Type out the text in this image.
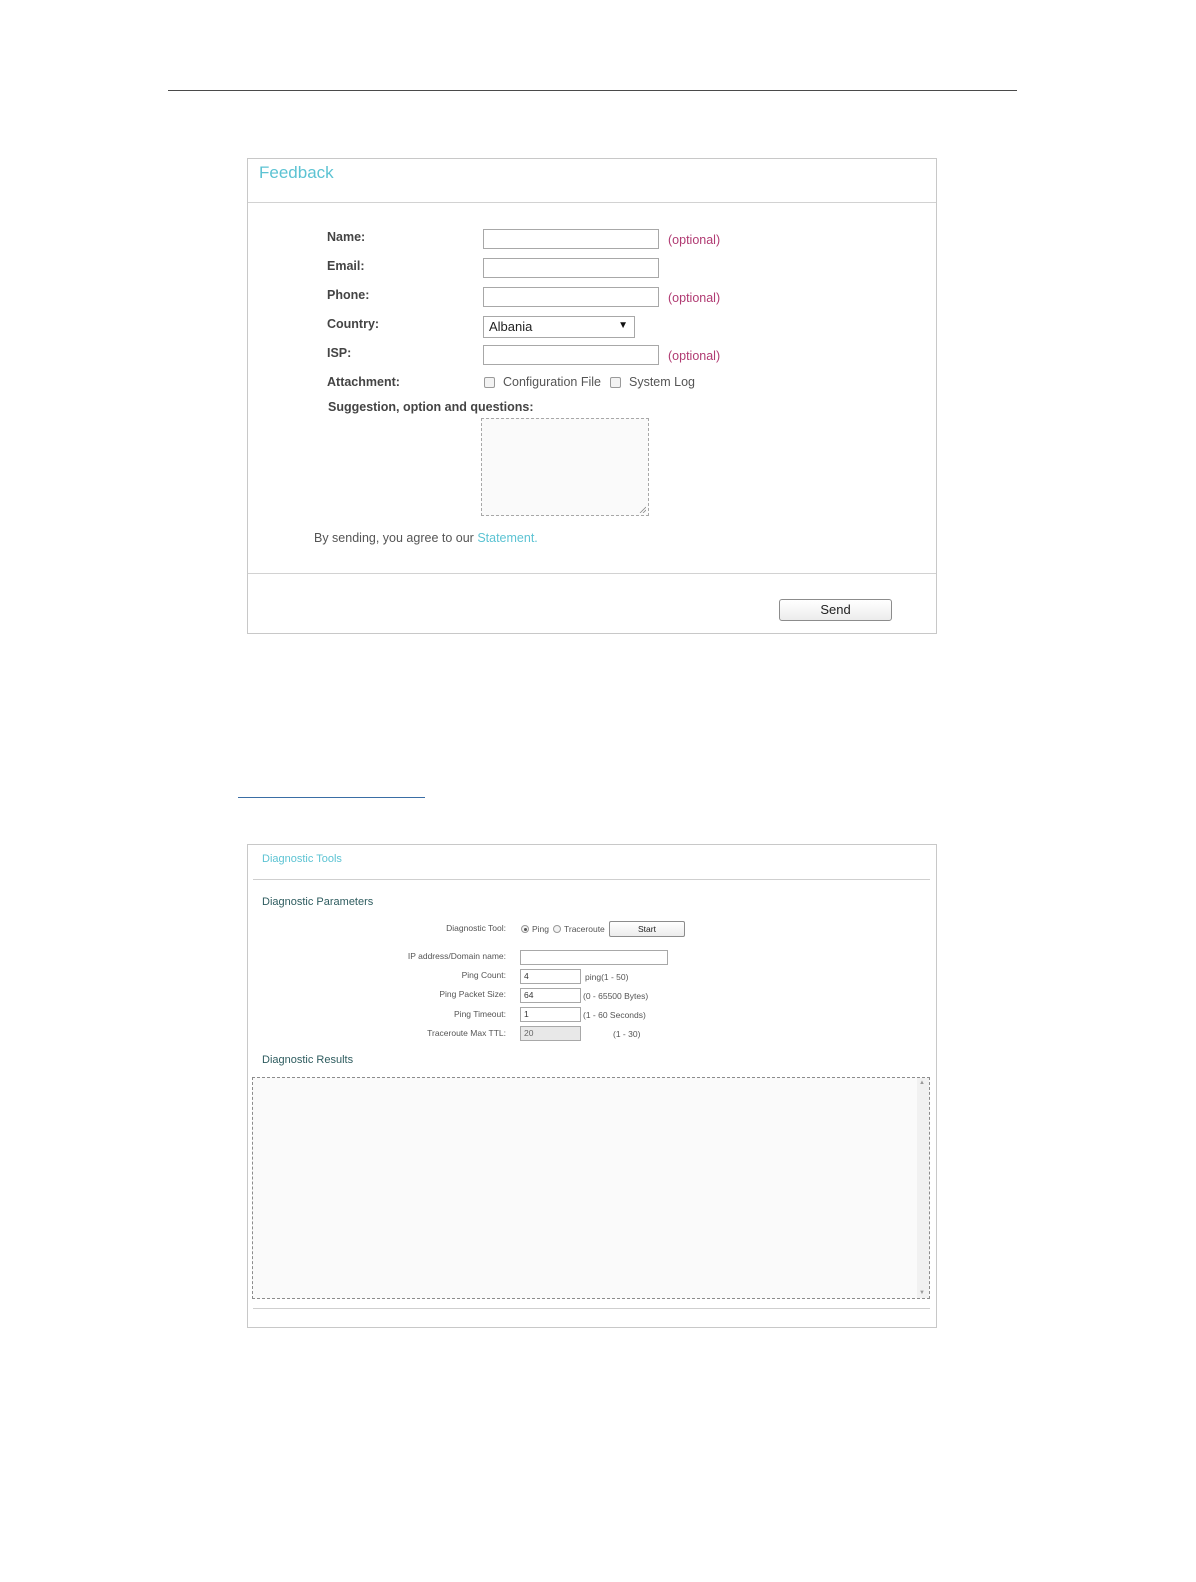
Feedback
Name:	(optional)
Email:
Phone:	(optional)
Country:	Albania	▼
ISP:	(optional)
Attachment:	Configuration File System Log
Suggestion, option and questions:
By sending, you agree to our Statement.
Send
Diagnostic Tools
Diagnostic Parameters
Diagnostic Tool:	Ping Traceroute	Start
IP address/Domain name:
Ping Count:	4	ping(1 - 50)
Ping Packet Size:	64	(0 - 65500 Bytes)
Ping Timeout:	1	(1 - 60 Seconds)
Traceroute Max TTL:	20	(1 - 30)
Diagnostic Results
▲
▼
